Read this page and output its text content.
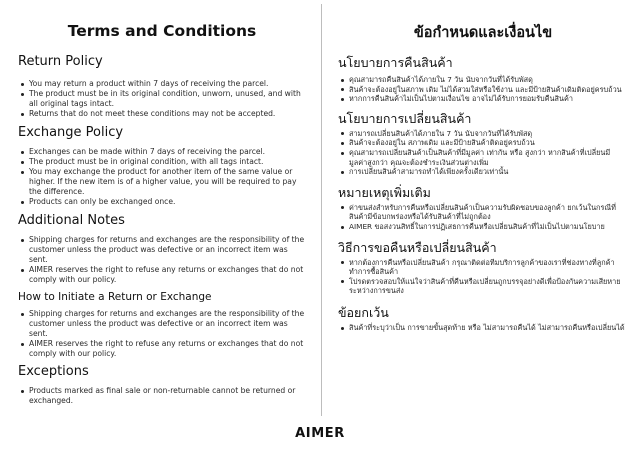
Terms and Conditions
Return Policy
You may return a product within 7 days of receiving the parcel.
The product must be in its original condition, unworn, unused, and with all original tags intact.
Returns that do not meet these conditions may not be accepted.
Exchange Policy
Exchanges can be made within 7 days of receiving the parcel.
The product must be in original condition, with all tags intact.
You may exchange the product for another item of the same value or higher. If the new item is of a higher value, you will be required to pay the difference.
Products can only be exchanged once.
Additional Notes
Shipping charges for returns and exchanges are the responsibility of the customer unless the product was defective or an incorrect item was sent.
AIMER reserves the right to refuse any returns or exchanges that do not comply with our policy.
How to Initiate a Return or Exchange
Shipping charges for returns and exchanges are the responsibility of the customer unless the product was defective or an incorrect item was sent.
AIMER reserves the right to refuse any returns or exchanges that do not comply with our policy.
Exceptions
Products marked as final sale or non-returnable cannot be returned or exchanged.
ข้อกำหนดและเงื่อนไข
นโยบายการคืนสินค้า
คุณสามารถคืนสินค้าได้ภายใน 7 วัน นับจากวันที่ได้รับพัสดุ
สินค้าจะต้องอยู่ในสภาพ เดิม ไม่ได้สวมใส่หรือใช้งาน และมีป้ายสินค้าเดิมติดอยู่ครบถ้วน
หากการคืนสินค้าไม่เป็นไปตามเงื่อนไข อาจไม่ได้รับการยอมรับคืนสินค้า
นโยบายการเปลี่ยนสินค้า
สามารถเปลี่ยนสินค้าได้ภายใน 7 วัน นับจากวันที่ได้รับพัสดุ
สินค้าจะต้องอยู่ใน สภาพเดิม และมีป้ายสินค้าติดอยู่ครบถ้วน
คุณสามารถเปลี่ยนสินค้าเป็นสินค้าที่มีมูลค่า เท่ากัน หรือ สูงกว่า หากสินค้าที่เปลี่ยนมีมูลค่าสูงกว่า คุณจะต้องชำระเงินส่วนต่างเพิ่ม
การเปลี่ยนสินค้าสามารถทำได้เพียงครั้งเดียวเท่านั้น
หมายเหตุเพิ่มเติม
ค่าขนส่งสำหรับการคืนหรือเปลี่ยนสินค้าเป็นความรับผิดชอบของลูกค้า ยกเว้นในกรณีที่สินค้ามีข้อบกพร่องหรือได้รับสินค้าที่ไม่ถูกต้อง
AIMER ขอสงวนสิทธิ์ในการปฏิเสธการคืนหรือเปลี่ยนสินค้าที่ไม่เป็นไปตามนโยบาย
วิธีการขอคืนหรือเปลี่ยนสินค้า
หากต้องการคืนหรือเปลี่ยนสินค้า กรุณาติดต่อทีมบริการลูกค้าของเราที่ช่องทางที่ลูกค้าทำการซื้อสินค้า
โปรดตรวจสอบให้แน่ใจว่าสินค้าที่คืนหรือเปลี่ยนถูกบรรจุอย่างดีเพื่อป้องกันความเสียหายระหว่างการขนส่ง
ข้อยกเว้น
สินค้าที่ระบุว่าเป็น การขายขั้นสุดท้าย หรือ ไม่สามารถคืนได้ ไม่สามารถคืนหรือเปลี่ยนได้
AIMER
